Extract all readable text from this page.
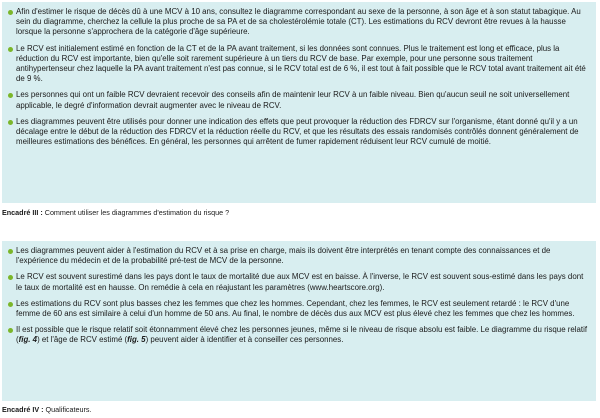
Afin d'estimer le risque de décès dû à une MCV à 10 ans, consultez le diagramme correspondant au sexe de la personne, à son âge et à son statut tabagique. Au sein du diagramme, cherchez la cellule la plus proche de sa PA et de sa cholestérolémie totale (CT). Les estimations du RCV devront être revues à la hausse lorsque la personne s'approchera de la catégorie d'âge supérieure.
Le RCV est initialement estimé en fonction de la CT et de la PA avant traitement, si les données sont connues. Plus le traitement est long et efficace, plus la réduction du RCV est importante, bien qu'elle soit rarement supérieure à un tiers du RCV de base. Par exemple, pour une personne sous traitement antihypertenseur chez laquelle la PA avant traitement n'est pas connue, si le RCV total est de 6 %, il est tout à fait possible que le RCV total avant traitement ait été de 9 %.
Les personnes qui ont un faible RCV devraient recevoir des conseils afin de maintenir leur RCV à un faible niveau. Bien qu'aucun seuil ne soit universellement applicable, le degré d'information devrait augmenter avec le niveau de RCV.
Les diagrammes peuvent être utilisés pour donner une indication des effets que peut provoquer la réduction des FDRCV sur l'organisme, étant donné qu'il y a un décalage entre le début de la réduction des FDRCV et la réduction réelle du RCV, et que les résultats des essais randomisés contrôlés donnent généralement de meilleures estimations des bénéfices. En général, les personnes qui arrêtent de fumer rapidement réduisent leur RCV cumulé de moitié.
Encadré III : Comment utiliser les diagrammes d'estimation du risque ?
Les diagrammes peuvent aider à l'estimation du RCV et à sa prise en charge, mais ils doivent être interprétés en tenant compte des connaissances et de l'expérience du médecin et de la probabilité pré-test de MCV de la personne.
Le RCV est souvent surestimé dans les pays dont le taux de mortalité due aux MCV est en baisse. À l'inverse, le RCV est souvent sous-estimé dans les pays dont le taux de mortalité est en hausse. On remédie à cela en réajustant les paramètres (www.heartscore.org).
Les estimations du RCV sont plus basses chez les femmes que chez les hommes. Cependant, chez les femmes, le RCV est seulement retardé : le RCV d'une femme de 60 ans est similaire à celui d'un homme de 50 ans. Au final, le nombre de décès dus aux MCV est plus élevé chez les femmes que chez les hommes.
Il est possible que le risque relatif soit étonnamment élevé chez les personnes jeunes, même si le niveau de risque absolu est faible. Le diagramme du risque relatif (fig. 4) et l'âge de RCV estimé (fig. 5) peuvent aider à identifier et à conseiller ces personnes.
Encadré IV : Qualificateurs.
